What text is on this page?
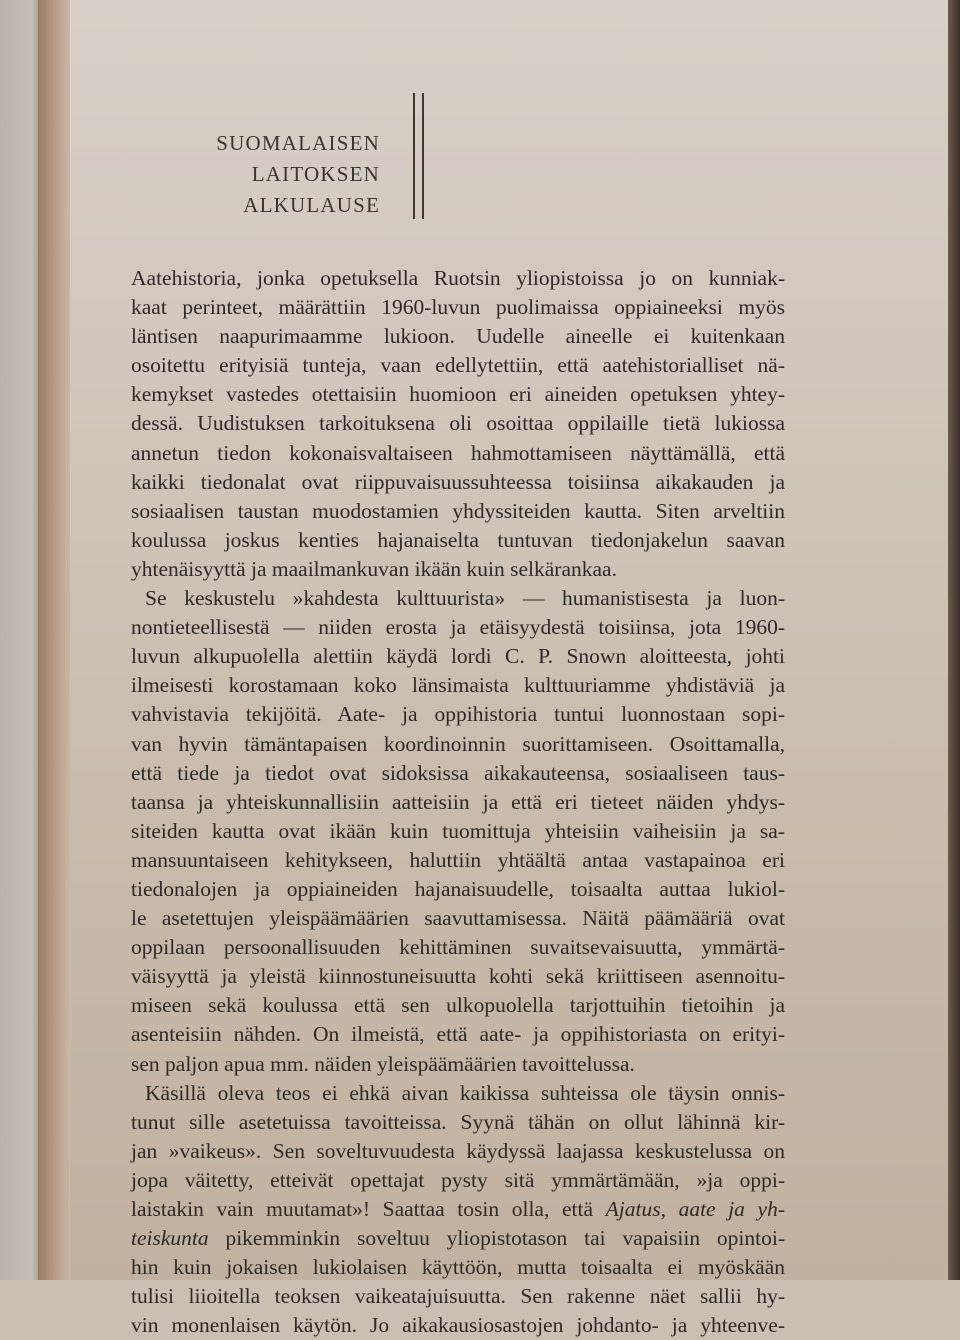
SUOMALAISEN
LAITOKSEN
ALKULAUSE
Aatehistoria, jonka opetuksella Ruotsin yliopistoissa jo on kunniak-
kaat perinteet, määrättiin 1960-luvun puolimaissa oppiaineeksi myös
läntisen naapurimaamme lukioon. Uudelle aineelle ei kuitenkaan
osoitettu erityisiä tunteja, vaan edellytettiin, että aatehistorialliset nä-
kemykset vastedes otettaisiin huomioon eri aineiden opetuksen yhtey-
dessä. Uudistuksen tarkoituksena oli osoittaa oppilaille tietä lukiossa
annetun tiedon kokonaisvaltaiseen hahmottamiseen näyttämällä, että
kaikki tiedonalat ovat riippuvaisuussuhteessa toisiinsa aikakauden ja
sosiaalisen taustan muodostamien yhdyssiteiden kautta. Siten arveltiin
koulussa joskus kenties hajanaiselta tuntuvan tiedonjakelun saavan
yhtenäisyyttä ja maailmankuvan ikään kuin selkärankaa.
Se keskustelu »kahdesta kulttuurista» — humanistisesta ja luon-
nontieteellisestä — niiden erosta ja etäisyydestä toisiinsa, jota 1960-
luvun alkupuolella alettiin käydä lordi C. P. Snown aloitteesta, johti
ilmeisesti korostamaan koko länsimaista kulttuuriamme yhdistäviä ja
vahvistavia tekijöitä. Aate- ja oppihistoria tuntui luonnostaan sopi-
van hyvin tämäntapaisen koordinoinnin suorittamiseen. Osoittamalla,
että tiede ja tiedot ovat sidoksissa aikakauteensa, sosiaaliseen taus-
taansa ja yhteiskunnallisiin aatteisiin ja että eri tieteet näiden yhdys-
siteiden kautta ovat ikään kuin tuomittuja yhteisiin vaiheisiin ja sa-
mansuuntaiseen kehitykseen, haluttiin yhtäältä antaa vastapainoa eri
tiedonalojen ja oppiaineiden hajanaisuudelle, toisaalta auttaa lukiol-
le asetettujen yleispäämäärien saavuttamisessa. Näitä päämääriä ovat
oppilaan persoonallisuuden kehittäminen suvaitsevaisuutta, ymmärtä-
väisyyttä ja yleistä kiinnostuneisuutta kohti sekä kriittiseen asennoitu-
miseen sekä koulussa että sen ulkopuolella tarjottuihin tietoihin ja
asenteisiin nähden. On ilmeistä, että aate- ja oppihistoriasta on erityi-
sen paljon apua mm. näiden yleispäämäärien tavoittelussa.
Käsillä oleva teos ei ehkä aivan kaikissa suhteissa ole täysin onnis-
tunut sille asetetuissa tavoitteissa. Syynä tähän on ollut lähinnä kir-
jan »vaikeus». Sen soveltuvuudesta käydyssä laajassa keskustelussa on
jopa väitetty, etteivät opettajat pysty sitä ymmärtämään, »ja oppi-
laistakin vain muutamat»! Saattaa tosin olla, että Ajatus, aate ja yh-
teiskunta pikemminkin soveltuu yliopistotason tai vapaisiin opintoi-
hin kuin jokaisen lukiolaisen käyttöön, mutta toisaalta ei myöskään
tulisi liioitella teoksen vaikeatajuisuutta. Sen rakenne näet sallii hy-
vin monenlaisen käytön. Jo aikakausiosastojen johdanto- ja yhteenve-
